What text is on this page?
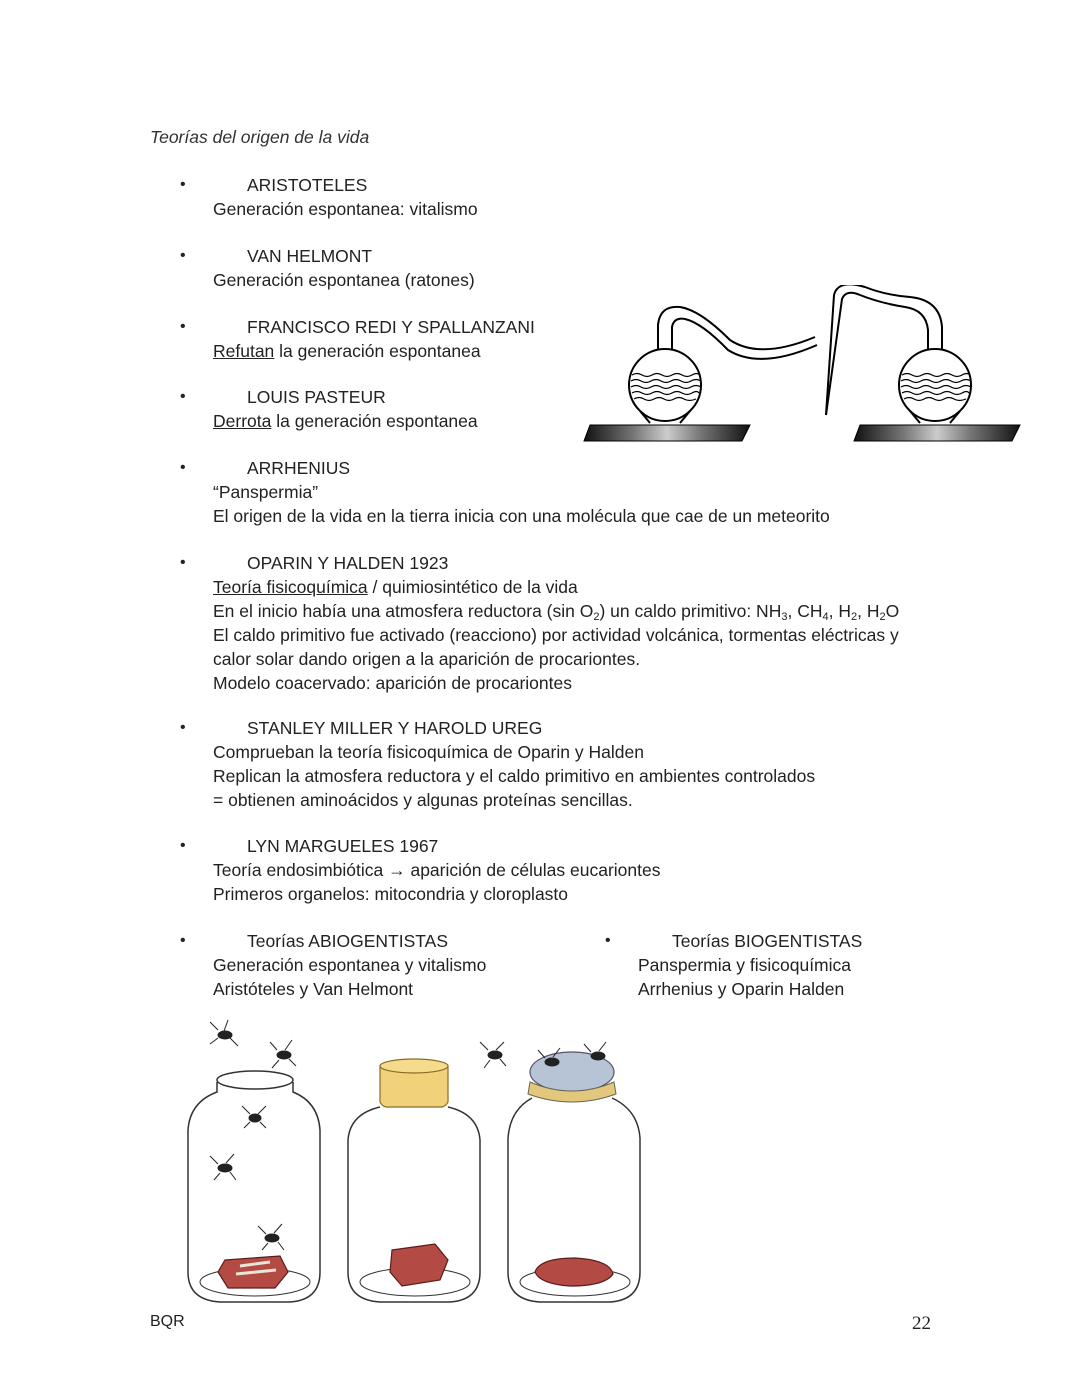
Teorías del origen de la vida
•	ARISTOTELES
Generación espontanea: vitalismo
•	VAN HELMONT
Generación espontanea (ratones)
•	FRANCISCO REDI Y SPALLANZANI
Refutan la generación espontanea
•	LOUIS PASTEUR
Derrota la generación espontanea
•	ARRHENIUS
“Panspermia”
El origen de la vida en la tierra inicia con una molécula que cae de un meteorito
•	OPARIN Y HALDEN 1923
Teoría fisicoquímica / quimiosintético de la vida
En el inicio había una atmosfera reductora (sin $O_2$) un caldo primitivo: $NH_3$, $CH_4$, $H_2$, $H_2O$
El caldo primitivo fue activado (reacciono) por actividad volcánica, tormentas eléctricas y
calor solar dando origen a la aparición de procariontes.
Modelo coacervado: aparición de procariontes
•	STANLEY MILLER Y HAROLD UREG
Comprueban la teoría fisicoquímica de Oparin y Halden
Replican la atmosfera reductora y el caldo primitivo en ambientes controlados
= obtienen aminoácidos y algunas proteínas sencillas.
•	LYN MARGUELES 1967
Teoría endosimbiótica → aparición de células eucariontes
Primeros organelos: mitocondria y cloroplasto
•	Teorías ABIOGENTISTAS
Generación espontanea y vitalismo
Aristóteles y Van Helmont
•	Teorías BIOGENTISTAS
Panspermia y fisicoquímica
Arrhenius y Oparin Halden
BQR	22
